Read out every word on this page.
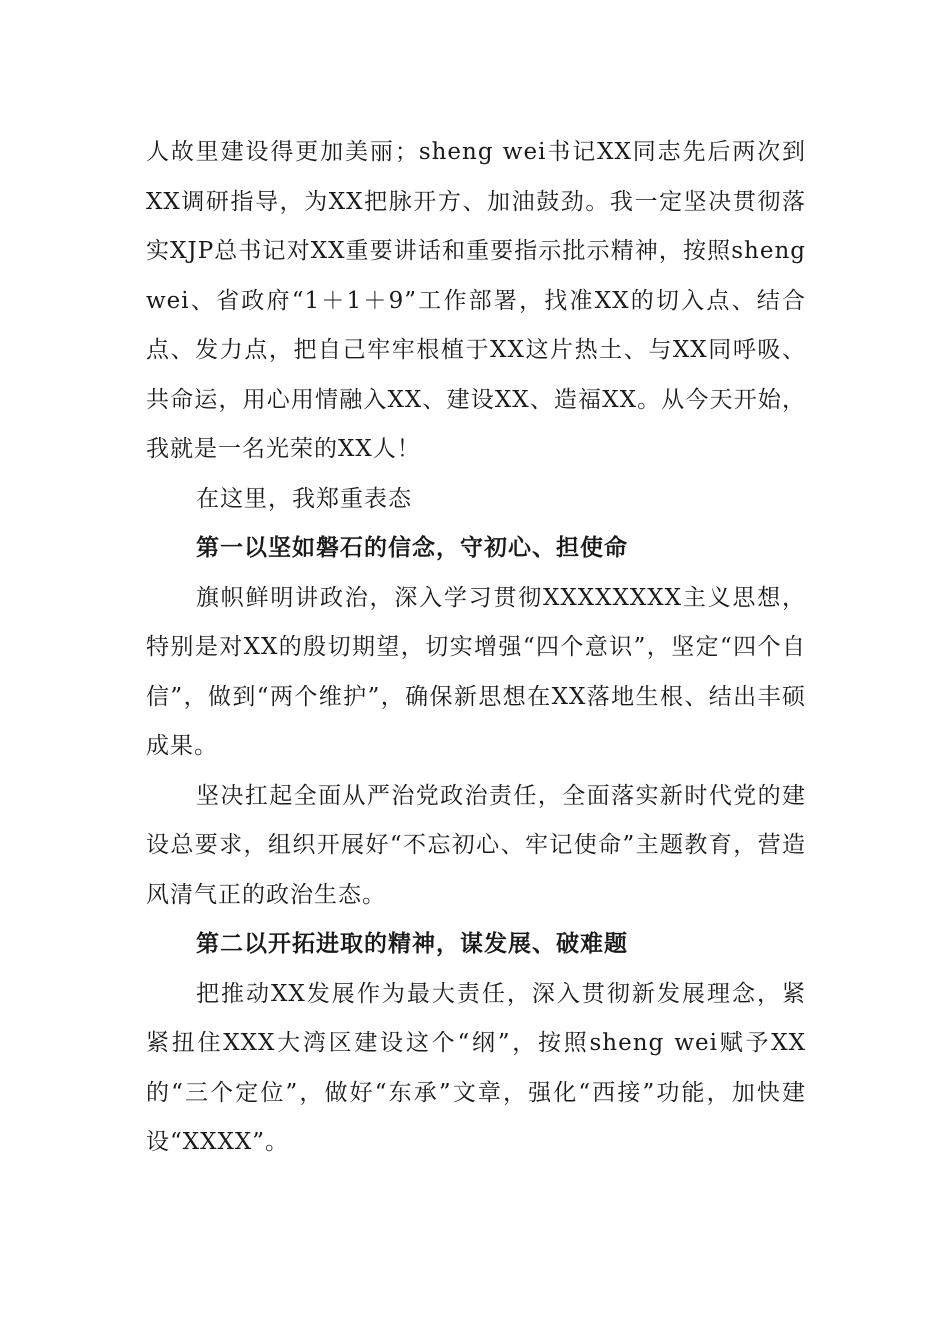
人故里建设得更加美丽；sheng wei书记XX同志先后两次到XX调研指导，为XX把脉开方、加油鼓劲。我一定坚决贯彻落实XJP总书记对XX重要讲话和重要指示批示精神，按照sheng wei、省政府“1＋1＋9”工作部署，找准XX的切入点、结合点、发力点，把自己牢牢根植于XX这片热土、与XX同呼吸、共命运，用心用情融入XX、建设XX、造福XX。从今天开始，我就是一名光荣的XX人！

在这里，我郑重表态

第一以坚如磐石的信念，守初心、担使命

旗帜鲜明讲政治，深入学习贯彻XXXXXXXX主义思想，特别是对XX的殷切期望，切实增强“四个意识”，坚定“四个自信”，做到“两个维护”，确保新思想在XX落地生根、结出丰硕成果。

坚决扛起全面从严治党政治责任，全面落实新时代党的建设总要求，组织开展好“不忘初心、牢记使命”主题教育，营造风清气正的政治生态。

第二以开拓进取的精神，谋发展、破难题

把推动XX发展作为最大责任，深入贯彻新发展理念，紧紧扭住XXX大湾区建设这个“纲”，按照sheng wei赋予XX的“三个定位”，做好“东承”文章，强化“西接”功能，加快建设“XXXX”。
